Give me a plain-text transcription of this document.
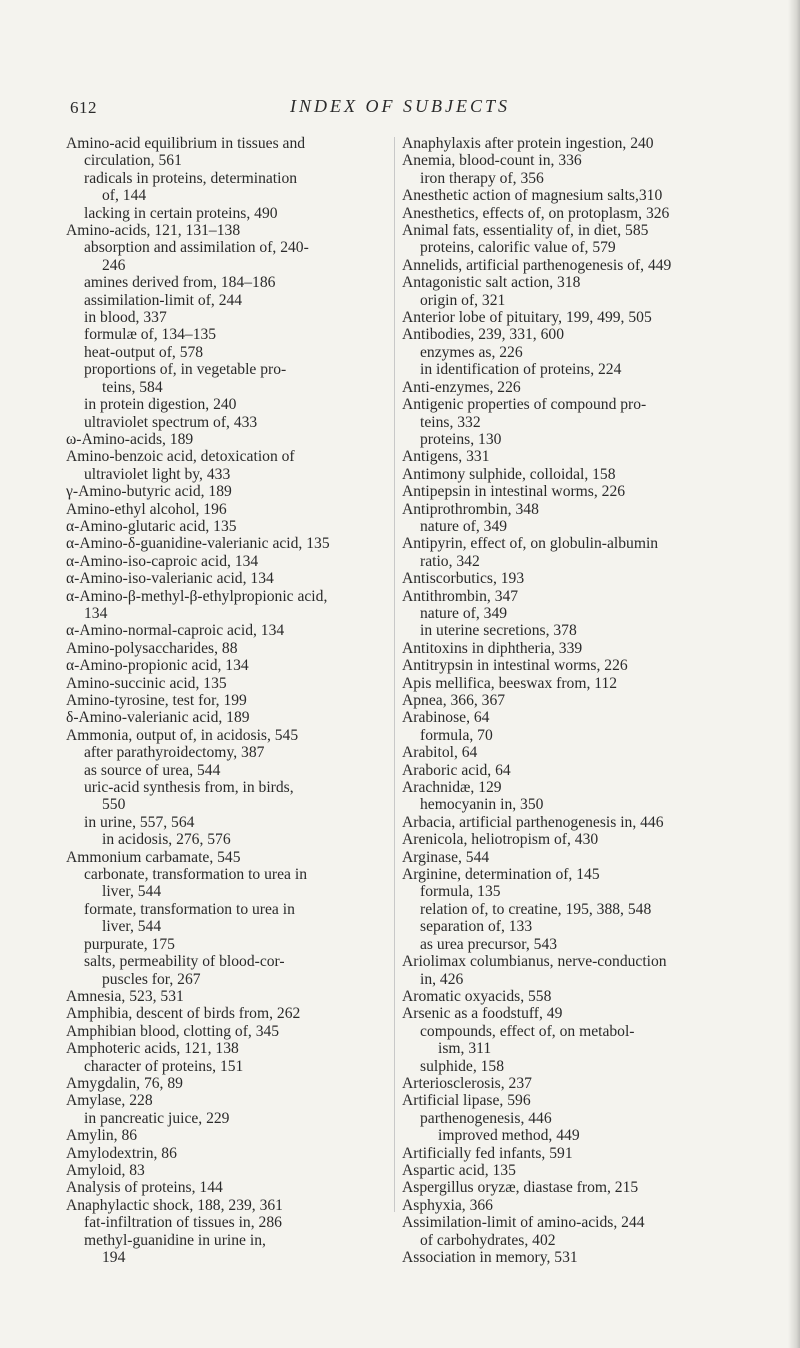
612	INDEX OF SUBJECTS
Amino-acid equilibrium in tissues and
circulation, 561
radicals in proteins, determination
of, 144
lacking in certain proteins, 490
Amino-acids, 121, 131–138
absorption and assimilation of, 240-
246
amines derived from, 184–186
assimilation-limit of, 244
in blood, 337
formulæ of, 134–135
heat-output of, 578
proportions of, in vegetable pro-
teins, 584
in protein digestion, 240
ultraviolet spectrum of, 433
ω-Amino-acids, 189
Amino-benzoic acid, detoxication of
ultraviolet light by, 433
γ-Amino-butyric acid, 189
Amino-ethyl alcohol, 196
α-Amino-glutaric acid, 135
α-Amino-δ-guanidine-valerianic acid, 135
α-Amino-iso-caproic acid, 134
α-Amino-iso-valerianic acid, 134
α-Amino-β-methyl-β-ethylpropionic acid,
134
α-Amino-normal-caproic acid, 134
Amino-polysaccharides, 88
α-Amino-propionic acid, 134
Amino-succinic acid, 135
Amino-tyrosine, test for, 199
δ-Amino-valerianic acid, 189
Ammonia, output of, in acidosis, 545
after parathyroidectomy, 387
as source of urea, 544
uric-acid synthesis from, in birds,
550
in urine, 557, 564
in acidosis, 276, 576
Ammonium carbamate, 545
carbonate, transformation to urea in
liver, 544
formate, transformation to urea in
liver, 544
purpurate, 175
salts, permeability of blood-cor-
puscles for, 267
Amnesia, 523, 531
Amphibia, descent of birds from, 262
Amphibian blood, clotting of, 345
Amphoteric acids, 121, 138
character of proteins, 151
Amygdalin, 76, 89
Amylase, 228
in pancreatic juice, 229
Amylin, 86
Amylodextrin, 86
Amyloid, 83
Analysis of proteins, 144
Anaphylactic shock, 188, 239, 361
fat-infiltration of tissues in, 286
methyl-guanidine in urine in,
194
Anaphylaxis after protein ingestion, 240
Anemia, blood-count in, 336
iron therapy of, 356
Anesthetic action of magnesium salts,310
Anesthetics, effects of, on protoplasm, 326
Animal fats, essentiality of, in diet, 585
proteins, calorific value of, 579
Annelids, artificial parthenogenesis of, 449
Antagonistic salt action, 318
origin of, 321
Anterior lobe of pituitary, 199, 499, 505
Antibodies, 239, 331, 600
enzymes as, 226
in identification of proteins, 224
Anti-enzymes, 226
Antigenic properties of compound pro-
teins, 332
proteins, 130
Antigens, 331
Antimony sulphide, colloidal, 158
Antipepsin in intestinal worms, 226
Antiprothrombin, 348
nature of, 349
Antipyrin, effect of, on globulin-albumin
ratio, 342
Antiscorbutics, 193
Antithrombin, 347
nature of, 349
in uterine secretions, 378
Antitoxins in diphtheria, 339
Antitrypsin in intestinal worms, 226
Apis mellifica, beeswax from, 112
Apnea, 366, 367
Arabinose, 64
formula, 70
Arabitol, 64
Araboric acid, 64
Arachnidæ, 129
hemocyanin in, 350
Arbacia, artificial parthenogenesis in, 446
Arenicola, heliotropism of, 430
Arginase, 544
Arginine, determination of, 145
formula, 135
relation of, to creatine, 195, 388, 548
separation of, 133
as urea precursor, 543
Ariolimax columbianus, nerve-conduction
in, 426
Aromatic oxyacids, 558
Arsenic as a foodstuff, 49
compounds, effect of, on metabol-
ism, 311
sulphide, 158
Arteriosclerosis, 237
Artificial lipase, 596
parthenogenesis, 446
improved method, 449
Artificially fed infants, 591
Aspartic acid, 135
Aspergillus oryzæ, diastase from, 215
Asphyxia, 366
Assimilation-limit of amino-acids, 244
of carbohydrates, 402
Association in memory, 531
